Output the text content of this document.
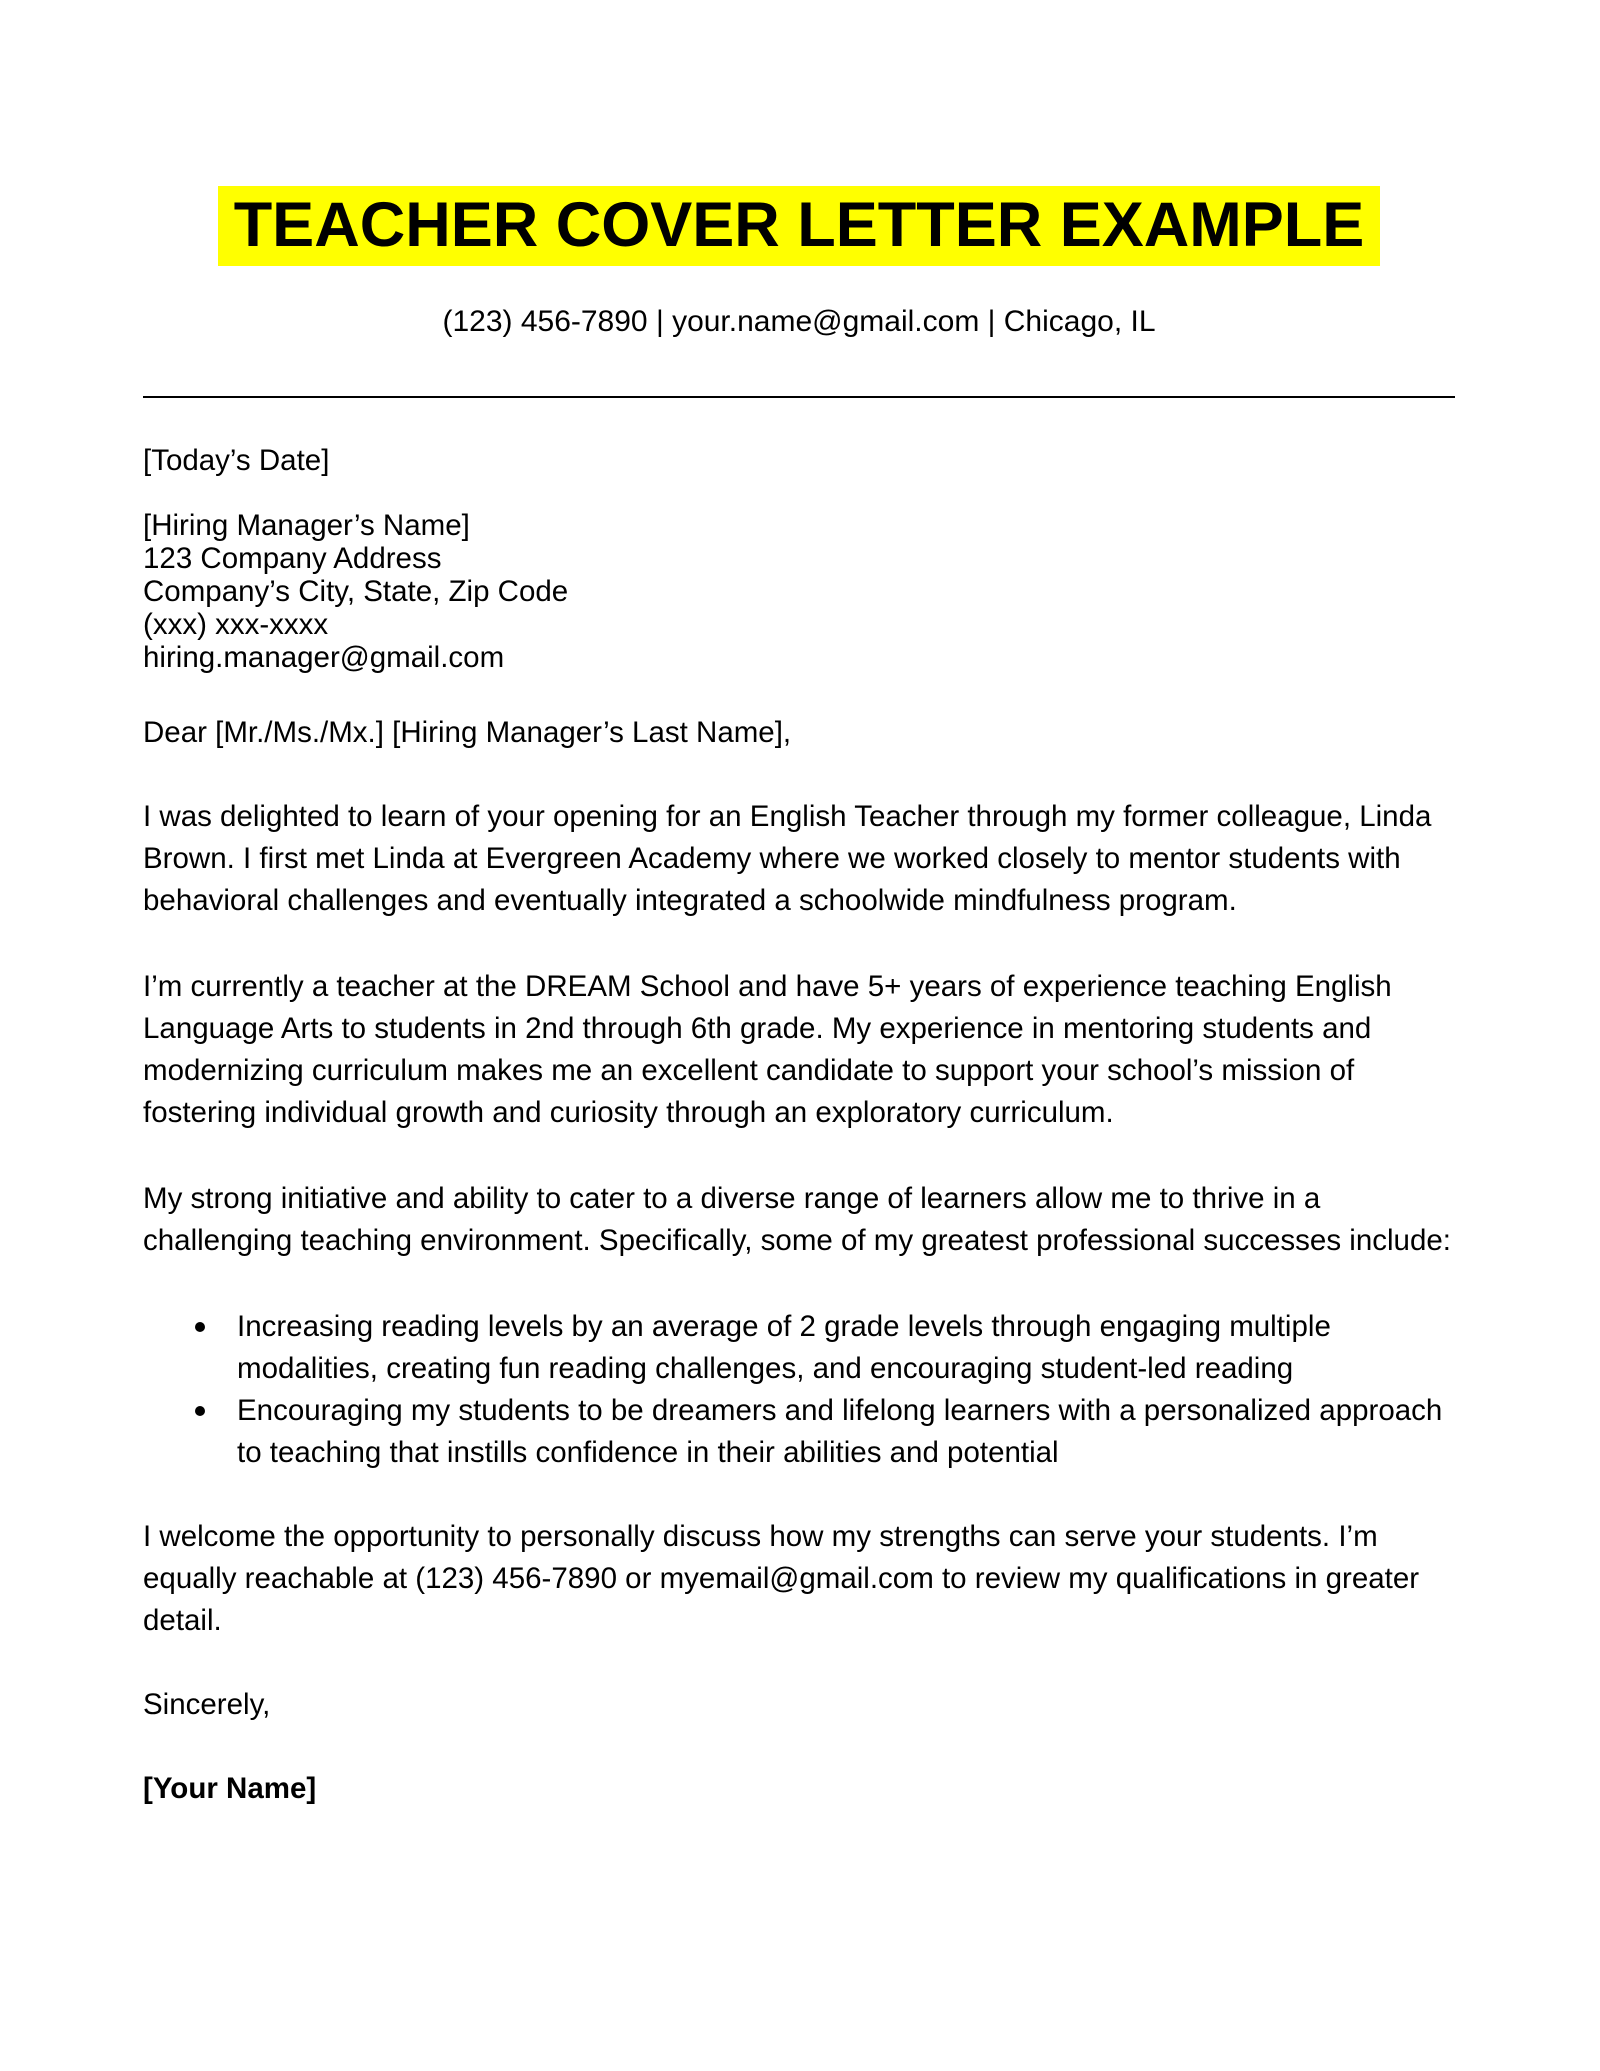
TEACHER COVER LETTER EXAMPLE
(123) 456-7890 | your.name@gmail.com | Chicago, IL
[Today’s Date]
[Hiring Manager’s Name]
123 Company Address
Company’s City, State, Zip Code
(xxx) xxx-xxxx
hiring.manager@gmail.com
Dear [Mr./Ms./Mx.] [Hiring Manager’s Last Name],

I was delighted to learn of your opening for an English Teacher through my former colleague, Linda Brown. I first met Linda at Evergreen Academy where we worked closely to mentor students with behavioral challenges and eventually integrated a schoolwide mindfulness program.

I’m currently a teacher at the DREAM School and have 5+ years of experience teaching English Language Arts to students in 2nd through 6th grade. My experience in mentoring students and modernizing curriculum makes me an excellent candidate to support your school’s mission of fostering individual growth and curiosity through an exploratory curriculum.

My strong initiative and ability to cater to a diverse range of learners allow me to thrive in a challenging teaching environment. Specifically, some of my greatest professional successes include:

Increasing reading levels by an average of 2 grade levels through engaging multiple modalities, creating fun reading challenges, and encouraging student-led reading
Encouraging my students to be dreamers and lifelong learners with a personalized approach to teaching that instills confidence in their abilities and potential

I welcome the opportunity to personally discuss how my strengths can serve your students. I’m equally reachable at (123) 456-7890 or myemail@gmail.com to review my qualifications in greater detail.

Sincerely,
[Your Name]
